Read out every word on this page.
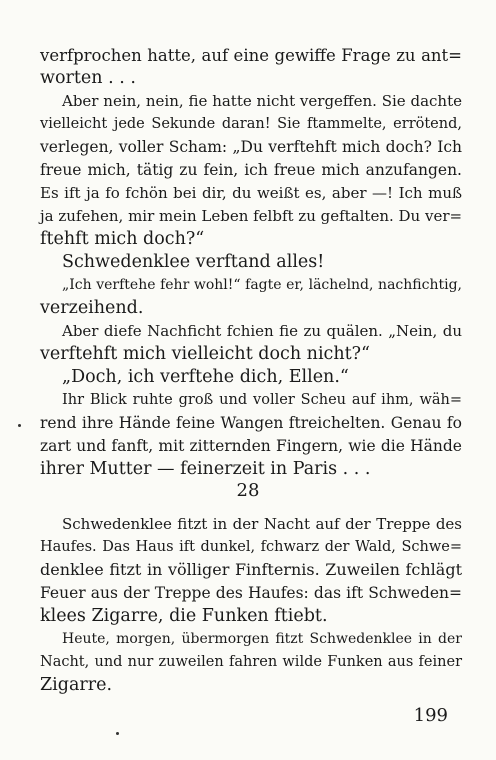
verfprochen hatte, auf eine gewiffe Frage zu ant=
worten . . .
Aber nein, nein, fie hatte nicht vergeffen. Sie dachte
vielleicht jede Sekunde daran! Sie ftammelte, errötend,
verlegen, voller Scham: „Du verftehft mich doch? Ich
freue mich, tätig zu fein, ich freue mich anzufangen.
Es ift ja fo fchön bei dir, du weißt es, aber —! Ich muß
ja zufehen, mir mein Leben felbft zu geftalten. Du ver=
ftehft mich doch?“
Schwedenklee verftand alles!
„Ich verftehe fehr wohl!“ fagte er, lächelnd, nachfichtig,
verzeihend.
Aber diefe Nachficht fchien fie zu quälen. „Nein, du
verftehft mich vielleicht doch nicht?“
„Doch, ich verftehe dich, Ellen.“
Ihr Blick ruhte groß und voller Scheu auf ihm, wäh=
rend ihre Hände feine Wangen ftreichelten. Genau fo
zart und fanft, mit zitternden Fingern, wie die Hände
ihrer Mutter — feinerzeit in Paris . . .
28
Schwedenklee fitzt in der Nacht auf der Treppe des
Haufes. Das Haus ift dunkel, fchwarz der Wald, Schwe=
denklee fitzt in völliger Finfternis. Zuweilen fchlägt
Feuer aus der Treppe des Haufes: das ift Schweden=
klees Zigarre, die Funken ftiebt.
Heute, morgen, übermorgen fitzt Schwedenklee in der
Nacht, und nur zuweilen fahren wilde Funken aus feiner
Zigarre.
199
